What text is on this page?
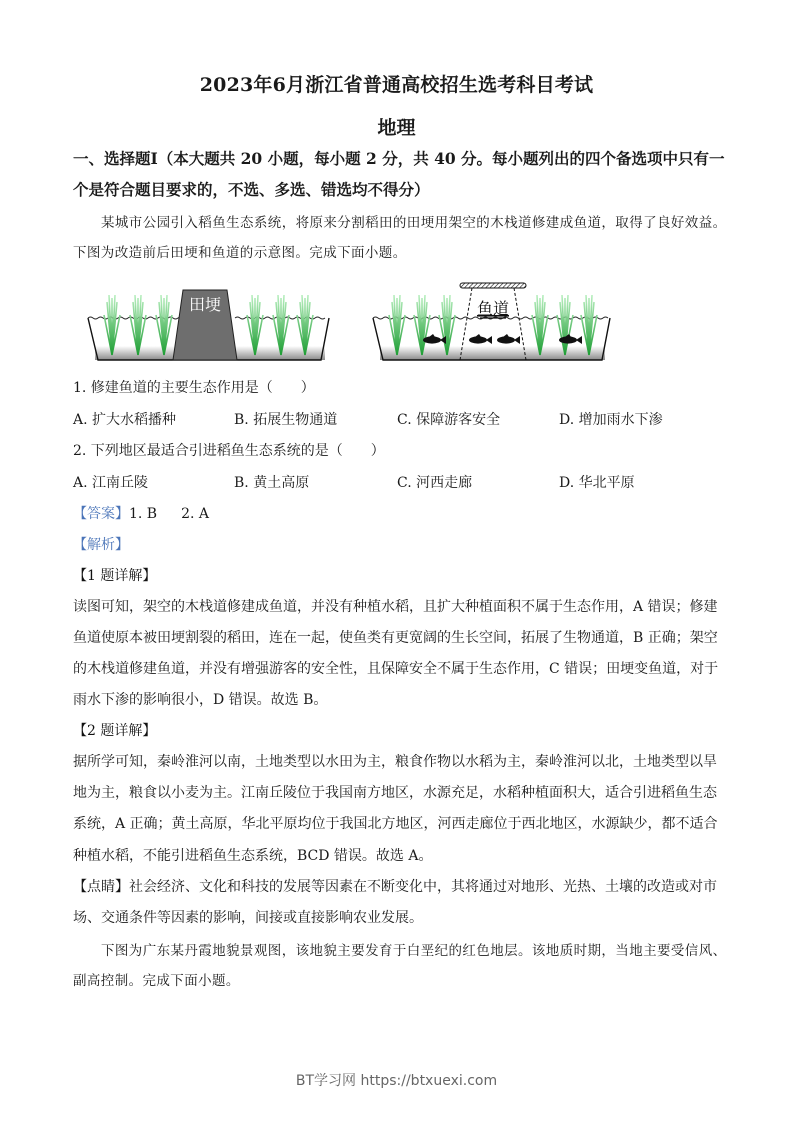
2023年6月浙江省普通高校招生选考科目考试
地理
一、选择题Ⅰ（本大题共 20 小题，每小题 2 分，共 40 分。每小题列出的四个备选项中只有一
个是符合题目要求的，不选、多选、错选均不得分）
某城市公园引入稻鱼生态系统，将原来分割稻田的田埂用架空的木栈道修建成鱼道，取得了良好效益。
下图为改造前后田埂和鱼道的示意图。完成下面小题。
田埂	鱼道
1. 修建鱼道的主要生态作用是（　　）
A. 扩大水稻播种	B. 拓展生物通道	C. 保障游客安全	D. 增加雨水下渗
2. 下列地区最适合引进稻鱼生态系统的是（　　）
A. 江南丘陵	B. 黄土高原	C. 河西走廊	D. 华北平原
【答案】1. B 2. A
【解析】
【1 题详解】
读图可知，架空的木栈道修建成鱼道，并没有种植水稻，且扩大种植面积不属于生态作用，A 错误；修建
鱼道使原本被田埂割裂的稻田，连在一起，使鱼类有更宽阔的生长空间，拓展了生物通道，B 正确；架空
的木栈道修建鱼道，并没有增强游客的安全性，且保障安全不属于生态作用，C 错误；田埂变鱼道，对于
雨水下渗的影响很小，D 错误。故选 B。
【2 题详解】
据所学可知，秦岭淮河以南，土地类型以水田为主，粮食作物以水稻为主，秦岭淮河以北，土地类型以旱
地为主，粮食以小麦为主。江南丘陵位于我国南方地区，水源充足，水稻种植面积大，适合引进稻鱼生态
系统，A 正确；黄土高原，华北平原均位于我国北方地区，河西走廊位于西北地区，水源缺少，都不适合
种植水稻，不能引进稻鱼生态系统，BCD 错误。故选 A。
【点睛】社会经济、文化和科技的发展等因素在不断变化中，其将通过对地形、光热、土壤的改造或对市
场、交通条件等因素的影响，间接或直接影响农业发展。
下图为广东某丹霞地貌景观图，该地貌主要发育于白垩纪的红色地层。该地质时期，当地主要受信风、
副高控制。完成下面小题。
BT学习网 https://btxuexi.com
